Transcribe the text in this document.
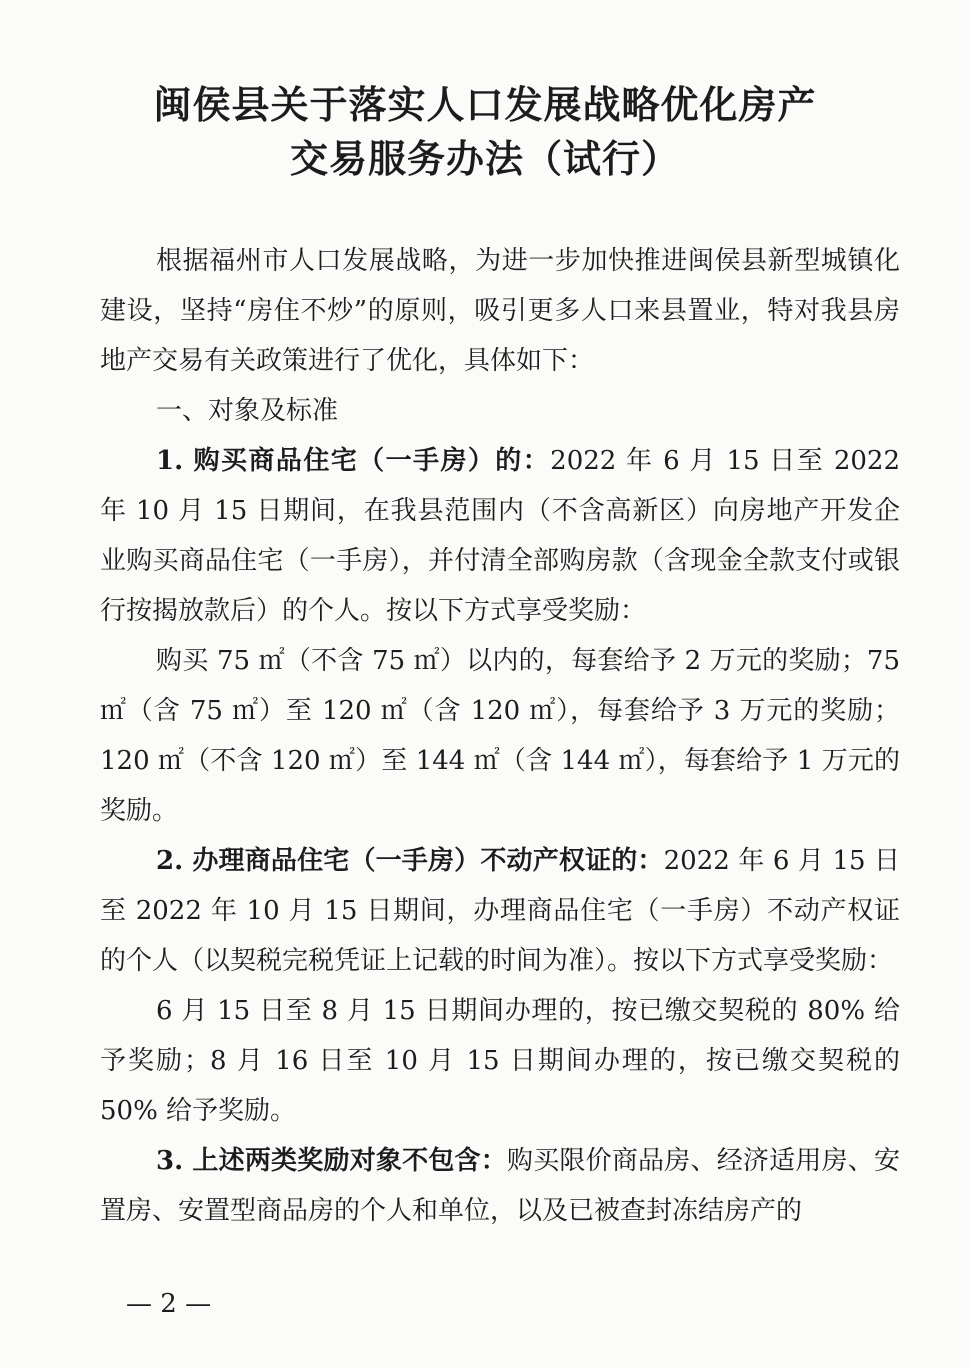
闽侯县关于落实人口发展战略优化房产
交易服务办法（试行）

根据福州市人口发展战略，为进一步加快推进闽侯县新型城镇化建设，坚持“房住不炒”的原则，吸引更多人口来县置业，特对我县房地产交易有关政策进行了优化，具体如下：

一、对象及标准

1. 购买商品住宅（一手房）的：2022 年 6 月 15 日至 2022 年 10 月 15 日期间，在我县范围内（不含高新区）向房地产开发企业购买商品住宅（一手房），并付清全部购房款（含现金全款支付或银行按揭放款后）的个人。按以下方式享受奖励：

购买 75 ㎡（不含 75 ㎡）以内的，每套给予 2 万元的奖励；75 ㎡（含 75 ㎡）至 120 ㎡（含 120 ㎡），每套给予 3 万元的奖励；120 ㎡（不含 120 ㎡）至 144 ㎡（含 144 ㎡），每套给予 1 万元的奖励。

2. 办理商品住宅（一手房）不动产权证的：2022 年 6 月 15 日至 2022 年 10 月 15 日期间，办理商品住宅（一手房）不动产权证的个人（以契税完税凭证上记载的时间为准）。按以下方式享受奖励：

6 月 15 日至 8 月 15 日期间办理的，按已缴交契税的 80% 给予奖励；8 月 16 日至 10 月 15 日期间办理的，按已缴交契税的 50% 给予奖励。

3. 上述两类奖励对象不包含：购买限价商品房、经济适用房、安置房、安置型商品房的个人和单位，以及已被查封冻结房产的

— 2 —
